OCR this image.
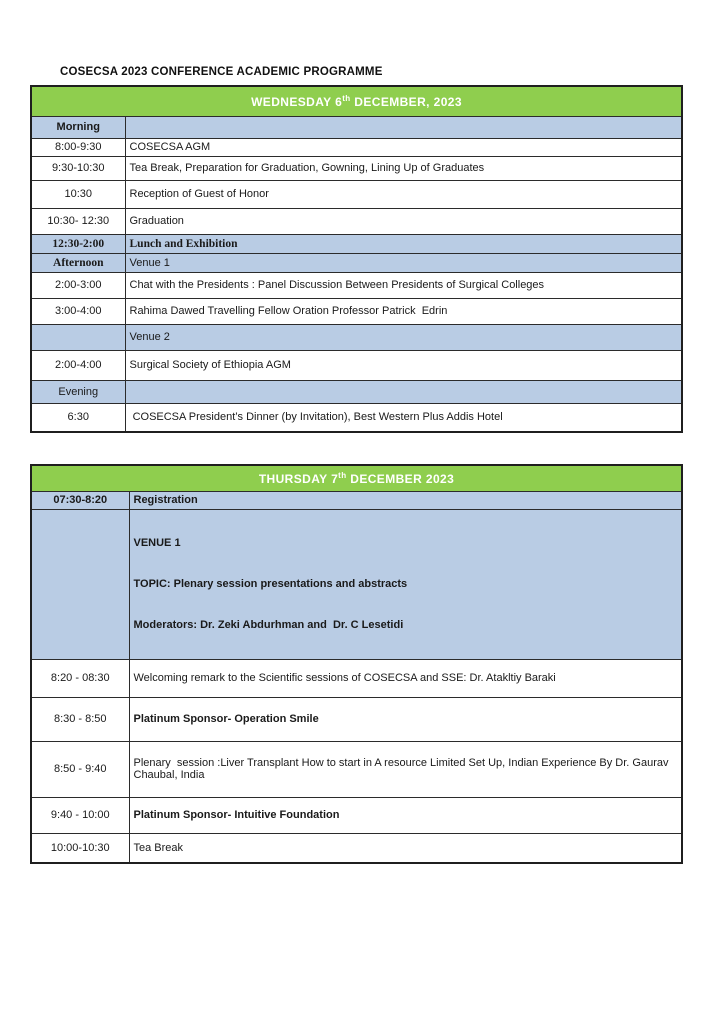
COSECSA 2023 CONFERENCE ACADEMIC PROGRAMME
WEDNESDAY 6th DECEMBER, 2023	
Morning	
8:00-9:30	COSECSA AGM
9:30-10:30	Tea Break, Preparation for Graduation, Gowning, Lining Up of Graduates
10:30	Reception of Guest of Honor
10:30- 12:30	Graduation
12:30-2:00	Lunch and Exhibition
Afternoon	Venue 1
2:00-3:00	Chat with the Presidents : Panel Discussion Between Presidents of Surgical Colleges
3:00-4:00	Rahima Dawed Travelling Fellow Oration Professor Patrick  Edrin
	Venue 2
2:00-4:00	Surgical Society of Ethiopia AGM
Evening	
6:30	COSECSA President’s Dinner (by Invitation), Best Western Plus Addis Hotel
THURSDAY 7th DECEMBER 2023	
07:30-8:20	Registration

	VENUE 1

TOPIC: Plenary session presentations and abstracts

Moderators: Dr. Zeki Abdurhman and  Dr. C Lesetidi

8:20 - 08:30	Welcoming remark to the Scientific sessions of COSECSA and SSE: Dr. Atakltiy Baraki
8:30 - 8:50	Platinum Sponsor- Operation Smile
8:50 - 9:40	Plenary  session :Liver Transplant How to start in A resource Limited Set Up, Indian Experience By Dr. Gaurav Chaubal, India
9:40 - 10:00	Platinum Sponsor- Intuitive Foundation
10:00-10:30	Tea Break
